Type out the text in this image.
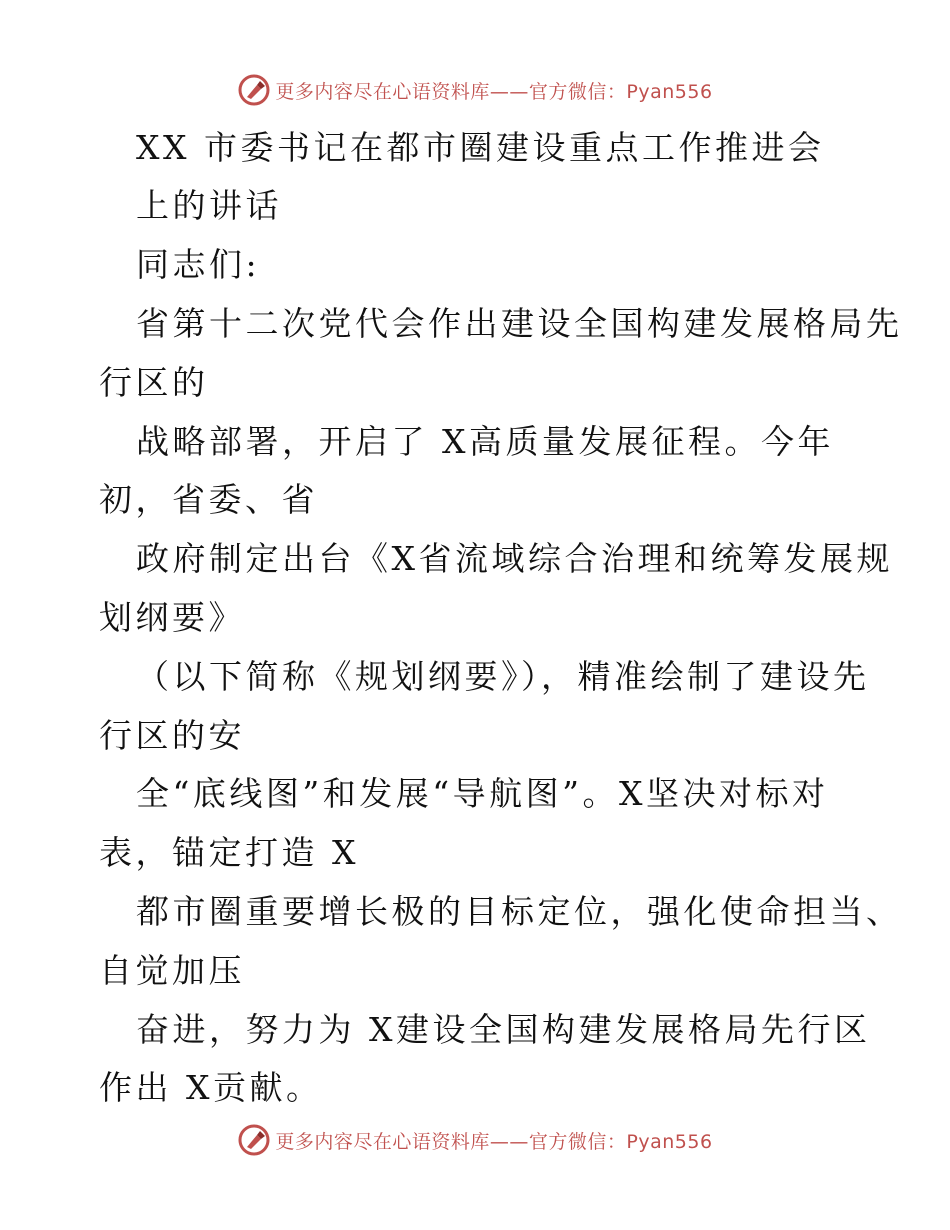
更多内容尽在心语资料库——官方微信：Pyan556
XX 市委书记在都市圈建设重点工作推进会
上的讲话
同志们:
省第十二次党代会作出建设全国构建发展格局先
行区的
战略部署，开启了 X高质量发展征程。今年
初，省委、省
政府制定出台《X省流域综合治理和统筹发展规
划纲要》
（以下简称《规划纲要》），精准绘制了建设先
行区的安
全“底线图”和发展“导航图”。X坚决对标对
表，锚定打造 X
都市圈重要增长极的目标定位，强化使命担当、
自觉加压
奋进，努力为 X建设全国构建发展格局先行区
作出 X贡献。
更多内容尽在心语资料库——官方微信：Pyan556
